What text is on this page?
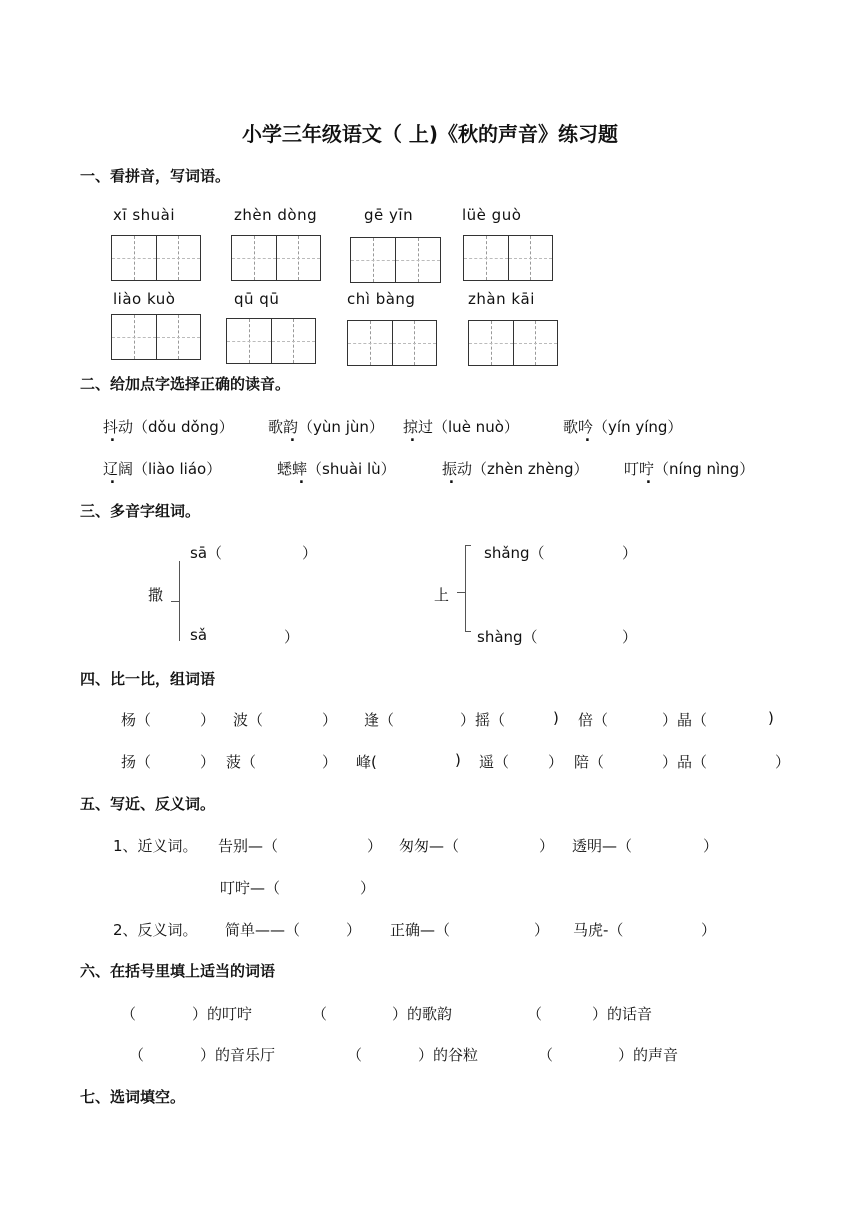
小学三年级语文（ 上)《秋的声音》练习题
一、看拼音，写词语。
xī shuài	zhèn dòng	gē yīn	lüè guò
liào kuò	qū qū	chì bàng	zhàn kāi
二、给加点字选择正确的读音。
抖动（dǒu dǒng） 歌韵（yùn jùn） 掠过（luè nuò）	歌吟（yín yíng）
辽阔（liào liáo）	蟋蟀（shuài lù）	振动（zhèn zhèng） 叮咛（níng nìng）
三、多音字组词。
撒
sā（	）
sǎ	）
上
shǎng（	）
shàng（	）
四、比一比，组词语
杨（	） 波（	） 逢（	）摇（	) 倍（	）晶（	)
扬（	） 菠（	） 峰(	) 遥（	） 陪（	）品（	）
五、写近、反义词。
1、近义词。 告别—（	） 匆匆—（	） 透明—（	）
叮咛—（	）
2、反义词。 简单——（	） 正确—（	） 马虎-（	）
六、在括号里填上适当的词语
（	）的叮咛	（	）的歌韵	（	）的话音
（	）的音乐厅	（	）的谷粒	（	）的声音
七、选词填空。
